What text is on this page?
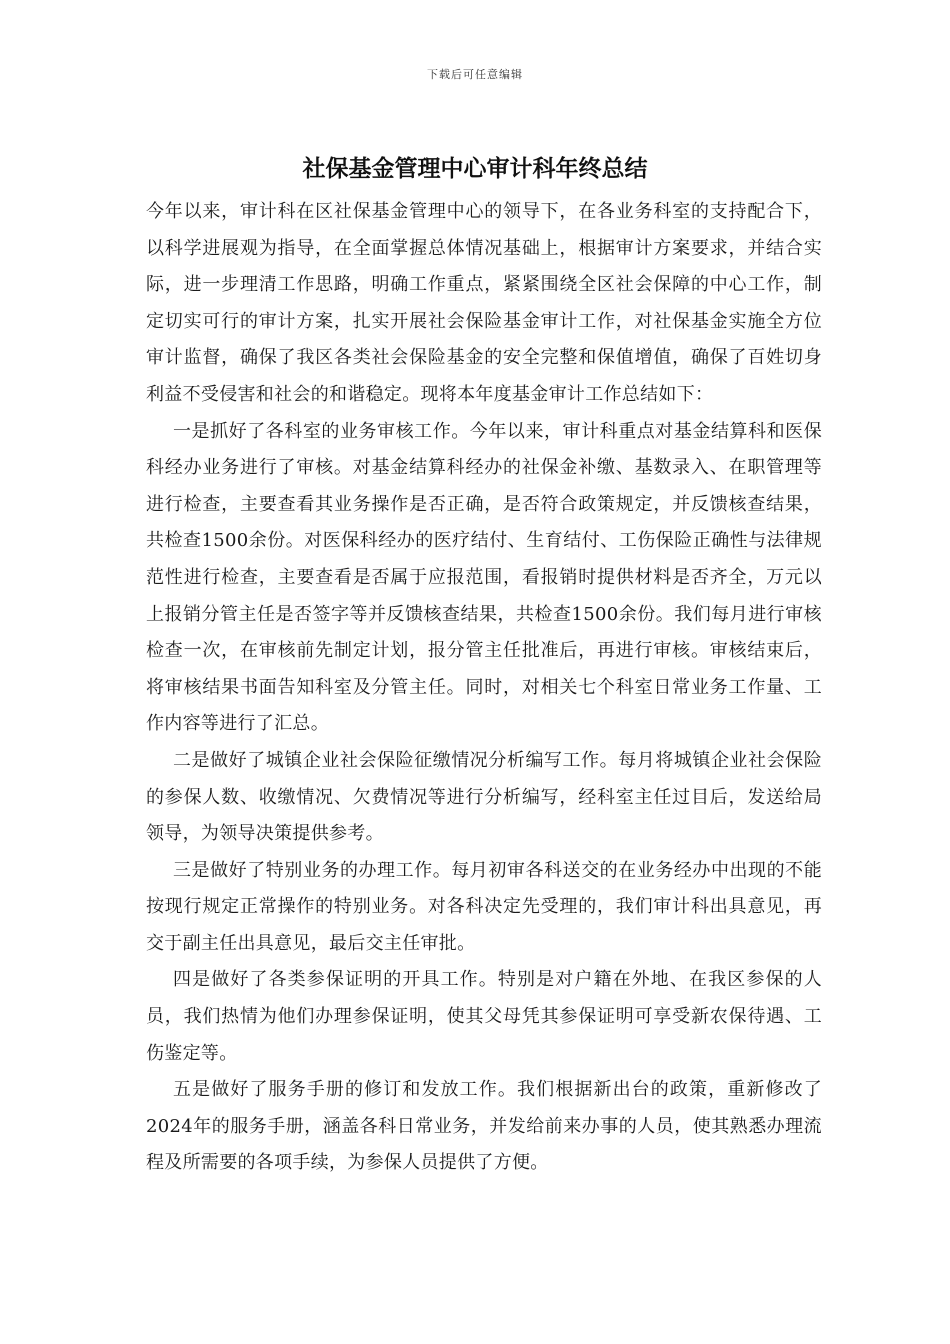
下载后可任意编辑
社保基金管理中心审计科年终总结

今年以来，审计科在区社保基金管理中心的领导下，在各业务科室的支持配合下，以科学进展观为指导，在全面掌握总体情况基础上，根据审计方案要求，并结合实际，进一步理清工作思路，明确工作重点，紧紧围绕全区社会保障的中心工作，制定切实可行的审计方案，扎实开展社会保险基金审计工作，对社保基金实施全方位审计监督，确保了我区各类社会保险基金的安全完整和保值增值，确保了百姓切身利益不受侵害和社会的和谐稳定。现将本年度基金审计工作总结如下：

一是抓好了各科室的业务审核工作。今年以来，审计科重点对基金结算科和医保科经办业务进行了审核。对基金结算科经办的社保金补缴、基数录入、在职管理等进行检查，主要查看其业务操作是否正确，是否符合政策规定，并反馈核查结果，共检查1500余份。对医保科经办的医疗结付、生育结付、工伤保险正确性与法律规范性进行检查，主要查看是否属于应报范围，看报销时提供材料是否齐全，万元以上报销分管主任是否签字等并反馈核查结果，共检查1500余份。我们每月进行审核检查一次，在审核前先制定计划，报分管主任批准后，再进行审核。审核结束后，将审核结果书面告知科室及分管主任。同时，对相关七个科室日常业务工作量、工作内容等进行了汇总。

二是做好了城镇企业社会保险征缴情况分析编写工作。每月将城镇企业社会保险的参保人数、收缴情况、欠费情况等进行分析编写，经科室主任过目后，发送给局领导，为领导决策提供参考。

三是做好了特别业务的办理工作。每月初审各科送交的在业务经办中出现的不能按现行规定正常操作的特别业务。对各科决定先受理的，我们审计科出具意见，再交于副主任出具意见，最后交主任审批。

四是做好了各类参保证明的开具工作。特别是对户籍在外地、在我区参保的人员，我们热情为他们办理参保证明，使其父母凭其参保证明可享受新农保待遇、工伤鉴定等。

五是做好了服务手册的修订和发放工作。我们根据新出台的政策，重新修改了2024年的服务手册，涵盖各科日常业务，并发给前来办事的人员，使其熟悉办理流程及所需要的各项手续，为参保人员提供了方便。
